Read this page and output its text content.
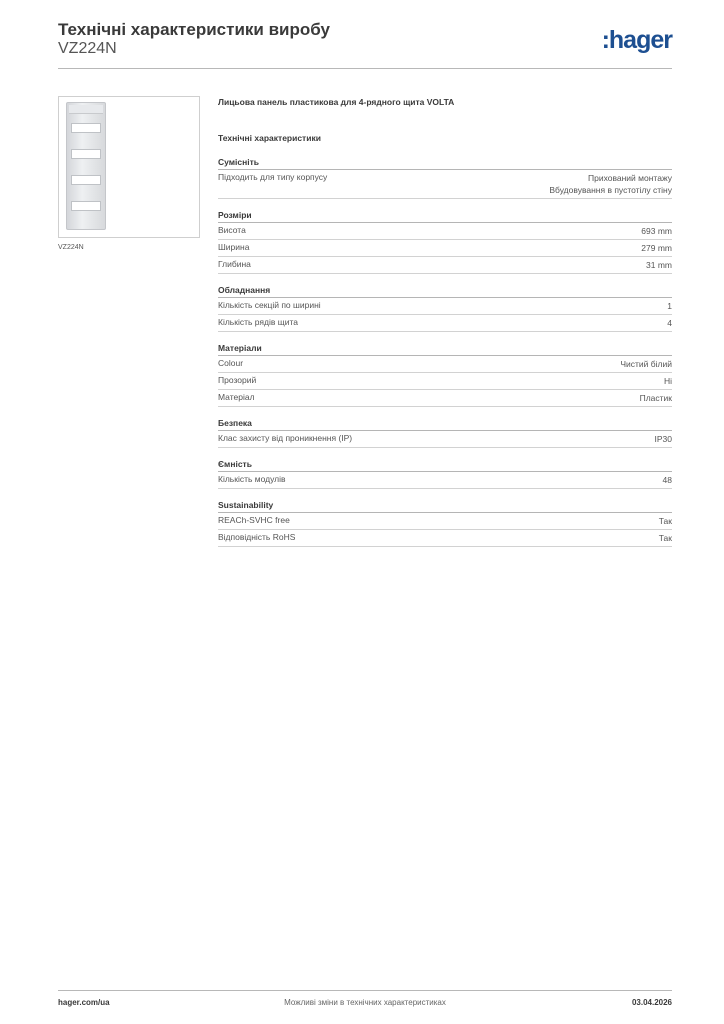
Технічні характеристики виробу
VZ224N	:hager
VZ224N
Лицьова панель пластикова для 4-рядного щита VOLTA
Технічні характеристики
Сумісніть
Підходить для типу корпусу	Прихований монтажу
Вбудовування в пустотілу стіну
Розміри
Висота	693 mm
Ширина	279 mm
Глибина	31 mm
Обладнання
Кількість секцій по ширині	1
Кількість рядів щита	4
Матеріали
Colour	Чистий білий
Прозорий	Ні
Матеріал	Пластик
Безпека
Клас захисту від проникнення (IP)	IP30
Ємність
Кількість модулів	48
Sustainability
REACh-SVHC free	Так
Відповідність RoHS	Так
hager.com/ua	Можливі зміни в технічних характеристиках	03.04.2026
